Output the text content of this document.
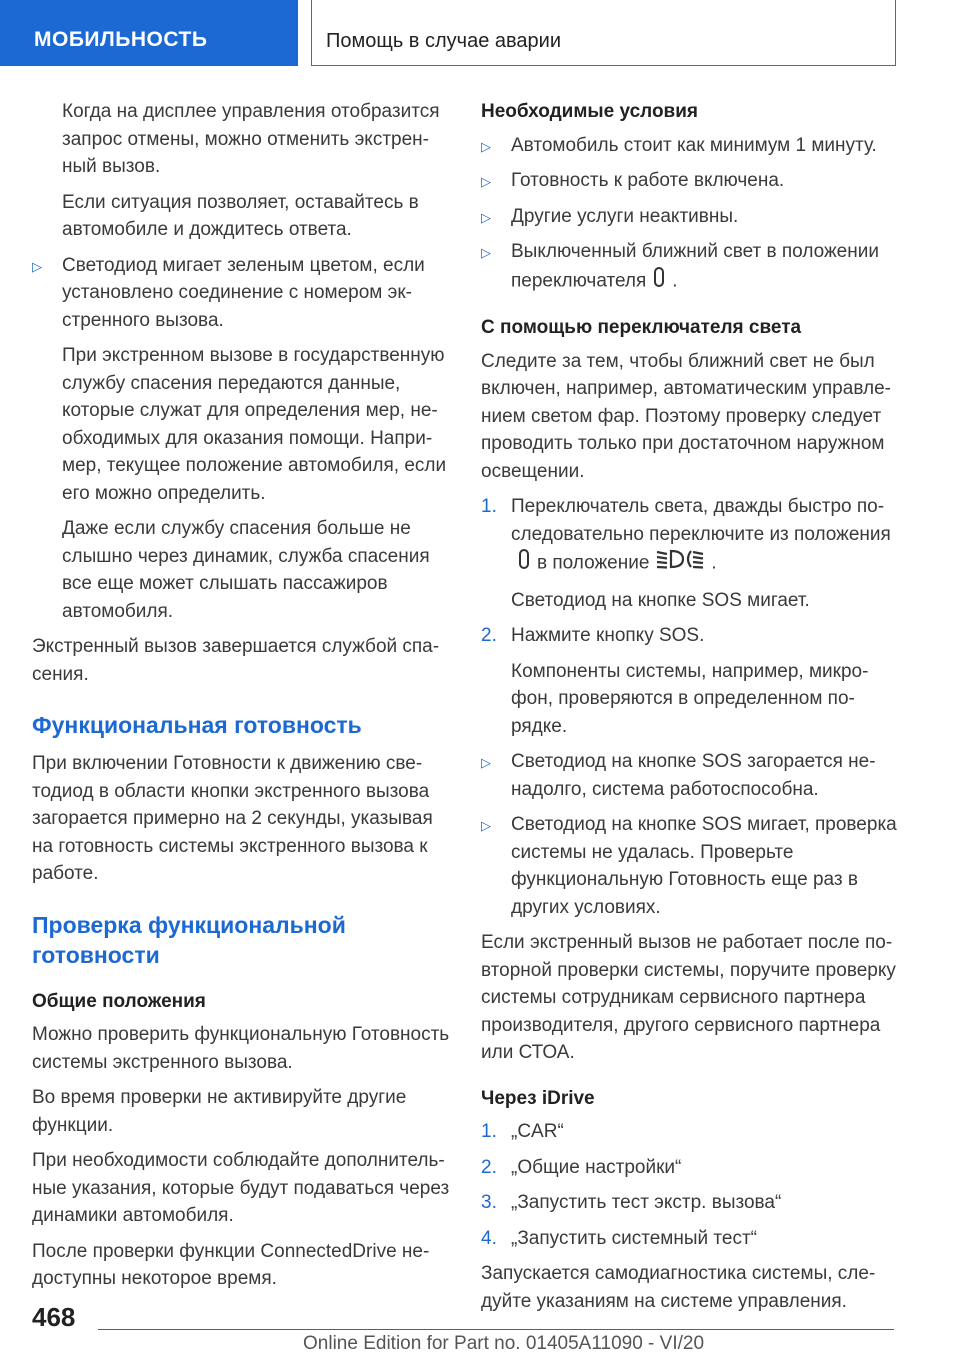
МОБИЛЬНОСТЬ	Помощь в случае аварии

Когда на дисплее управления отобразится запрос отмены, можно отменить экстренный вызов.

Если ситуация позволяет, оставайтесь в автомобиле и дождитесь ответа.

▷ Светодиод мигает зеленым цветом, если установлено соединение с номером экстренного вызова.

При экстренном вызове в государственную службу спасения передаются данные, которые служат для определения мер, необходимых для оказания помощи. Например, текущее положение автомобиля, если его можно определить.

Даже если службу спасения больше не слышно через динамик, служба спасения все еще может слышать пассажиров автомобиля.

Экстренный вызов завершается службой спасения.

Функциональная готовность

При включении Готовности к движению светодиод в области кнопки экстренного вызова загорается примерно на 2 секунды, указывая на готовность системы экстренного вызова к работе.

Проверка функциональной готовности
Общие положения

Можно проверить функциональную Готовность системы экстренного вызова.

Во время проверки не активируйте другие функции.

При необходимости соблюдайте дополнительные указания, которые будут подаваться через динамики автомобиля.

После проверки функции ConnectedDrive недоступны некоторое время.

Необходимые условия
▷ Автомобиль стоит как минимум 1 минуту.
▷ Готовность к работе включена.
▷ Другие услуги неактивны.
▷ Выключенный ближний свет в положении переключателя .
С помощью переключателя света

Следите за тем, чтобы ближний свет не был включен, например, автоматическим управлением светом фар. Поэтому проверку следует проводить только при достаточном наружном освещении.

1. Переключатель света, дважды быстро последовательно переключите из положенияв положение	.

Светодиод на кнопке SOS мигает.

2. Нажмите кнопку SOS.

Компоненты системы, например, микрофон, проверяются в определенном порядке.

▷ Светодиод на кнопке SOS загорается ненадолго, система работоспособна.
▷ Светодиод на кнопке SOS мигает, проверка системы не удалась. Проверьте функциональную Готовность еще раз в других условиях.

Если экстренный вызов не работает после повторной проверки системы, поручите проверку системы сотрудникам сервисного партнера производителя, другого сервисного партнера или СТОА.

Через iDrive
1. „CAR“
2. „Общие настройки“
3. „Запустить тест экстр. вызова“
4. „Запустить системный тест“

Запускается самодиагностика системы, следуйте указаниям на системе управления.

468
Online Edition for Part no. 01405A11090 - VI/20
